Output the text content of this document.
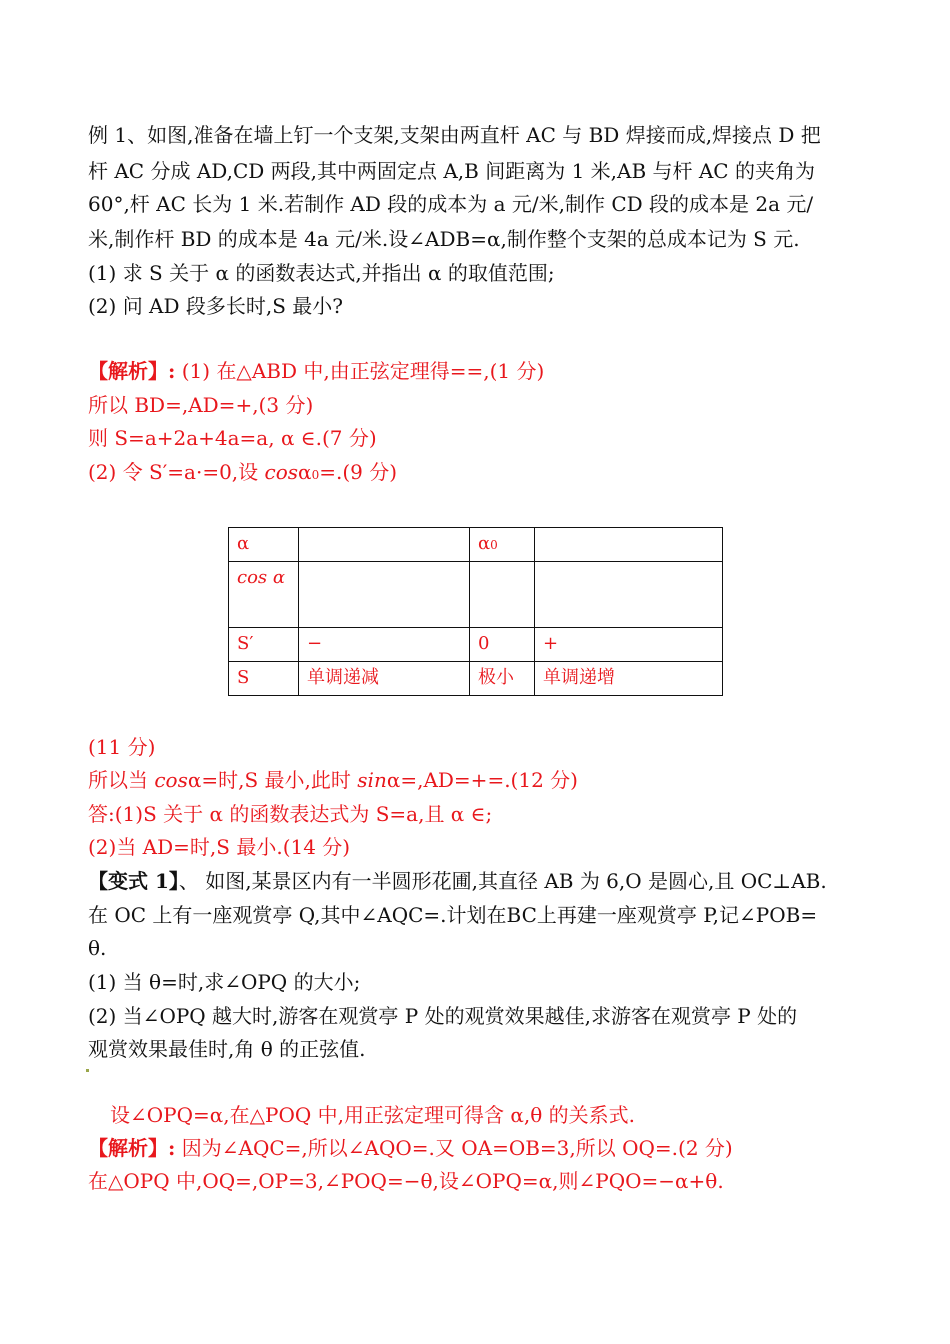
例 1、如图,准备在墙上钉一个支架,支架由两直杆 AC 与 BD 焊接而成,焊接点 D 把
杆 AC 分成 AD,CD 两段,其中两固定点 A,B 间距离为 1 米,AB 与杆 AC 的夹角为
60°,杆 AC 长为 1 米.若制作 AD 段的成本为 a 元/米,制作 CD 段的成本是 2a 元/
米,制作杆 BD 的成本是 4a 元/米.设∠ADB=α,制作整个支架的总成本记为 S 元.
(1) 求 S 关于 α 的函数表达式,并指出 α 的取值范围;
(2) 问 AD 段多长时,S 最小?
【解析】: (1) 在△ABD 中,由正弦定理得==,(1 分)
所以 BD=,AD=+,(3 分)
则 S=a+2a+4a=a, α ∈.(7 分)
(2) 令 S′=a·=0,设 cosα0=.(9 分)
α		α0	
cos α			
S′	−	0	+
S	单调递减	极小	单调递增
(11 分)
所以当 cosα=时,S 最小,此时 sinα=,AD=+=.(12 分)
答:(1)S 关于 α 的函数表达式为 S=a,且 α ∈;
(2)当 AD=时,S 最小.(14 分)
【变式 1】、 如图,某景区内有一半圆形花圃,其直径 AB 为 6,O 是圆心,且 OC⊥AB.
在 OC 上有一座观赏亭 Q,其中∠AQC=.计划在BC上再建一座观赏亭 P,记∠POB=
θ.
(1) 当 θ=时,求∠OPQ 的大小;
(2) 当∠OPQ 越大时,游客在观赏亭 P 处的观赏效果越佳,求游客在观赏亭 P 处的
观赏效果最佳时,角 θ 的正弦值.
设∠OPQ=α,在△POQ 中,用正弦定理可得含 α,θ 的关系式.
【解析】: 因为∠AQC=,所以∠AQO=.又 OA=OB=3,所以 OQ=.(2 分)
在△OPQ 中,OQ=,OP=3,∠POQ=−θ,设∠OPQ=α,则∠PQO=−α+θ.
